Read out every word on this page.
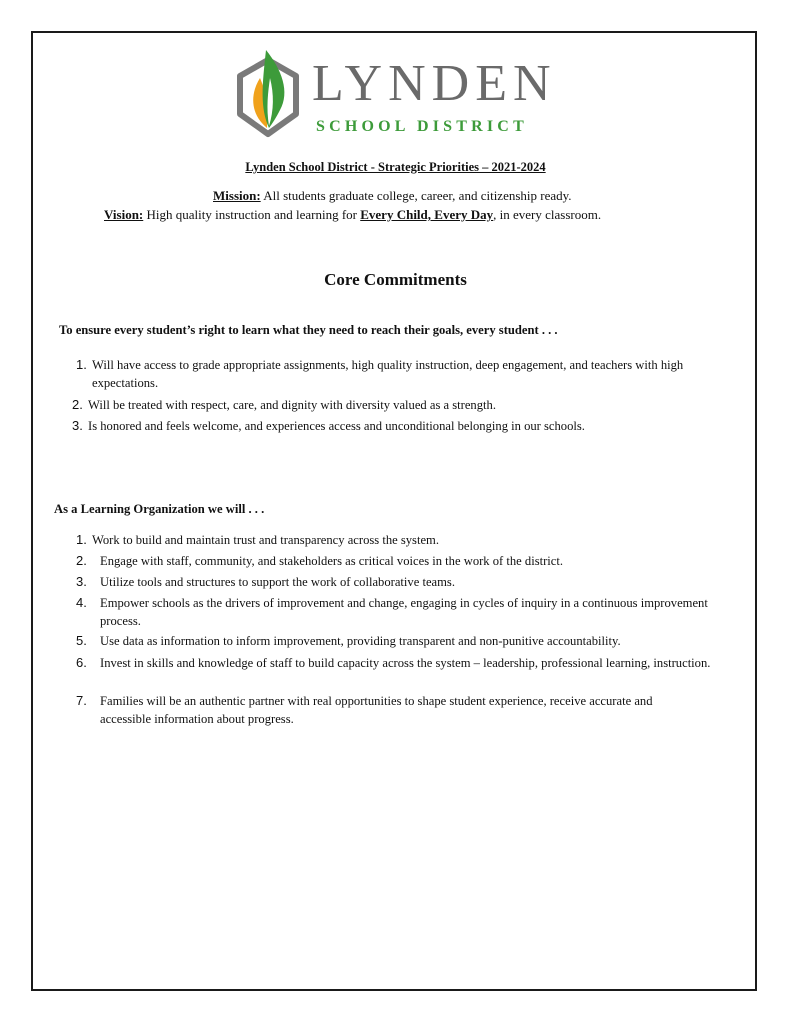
LYNDEN
SCHOOL DISTRICT
Lynden School District - Strategic Priorities – 2021-2024
Mission: All students graduate college, career, and citizenship ready.
Vision: High quality instruction and learning for Every Child, Every Day, in every classroom.
Core Commitments
To ensure every student’s right to learn what they need to reach their goals, every student . . .
1. Will have access to grade appropriate assignments, high quality instruction, deep engagement, and teachers with high expectations.
2. Will be treated with respect, care, and dignity with diversity valued as a strength.
3. Is honored and feels welcome, and experiences access and unconditional belonging in our schools.
As a Learning Organization we will . . .
1. Work to build and maintain trust and transparency across the system.
2.	Engage with staff, community, and stakeholders as critical voices in the work of the district.
3.	Utilize tools and structures to support the work of collaborative teams.
4.	Empower schools as the drivers of improvement and change, engaging in cycles of inquiry in a continuous improvement process.
5.	Use data as information to inform improvement, providing transparent and non-punitive accountability.
6.	Invest in skills and knowledge of staff to build capacity across the system – leadership, professional learning, instruction.
7.	Families will be an authentic partner with real opportunities to shape student experience, receive accurate and accessible information about progress.
